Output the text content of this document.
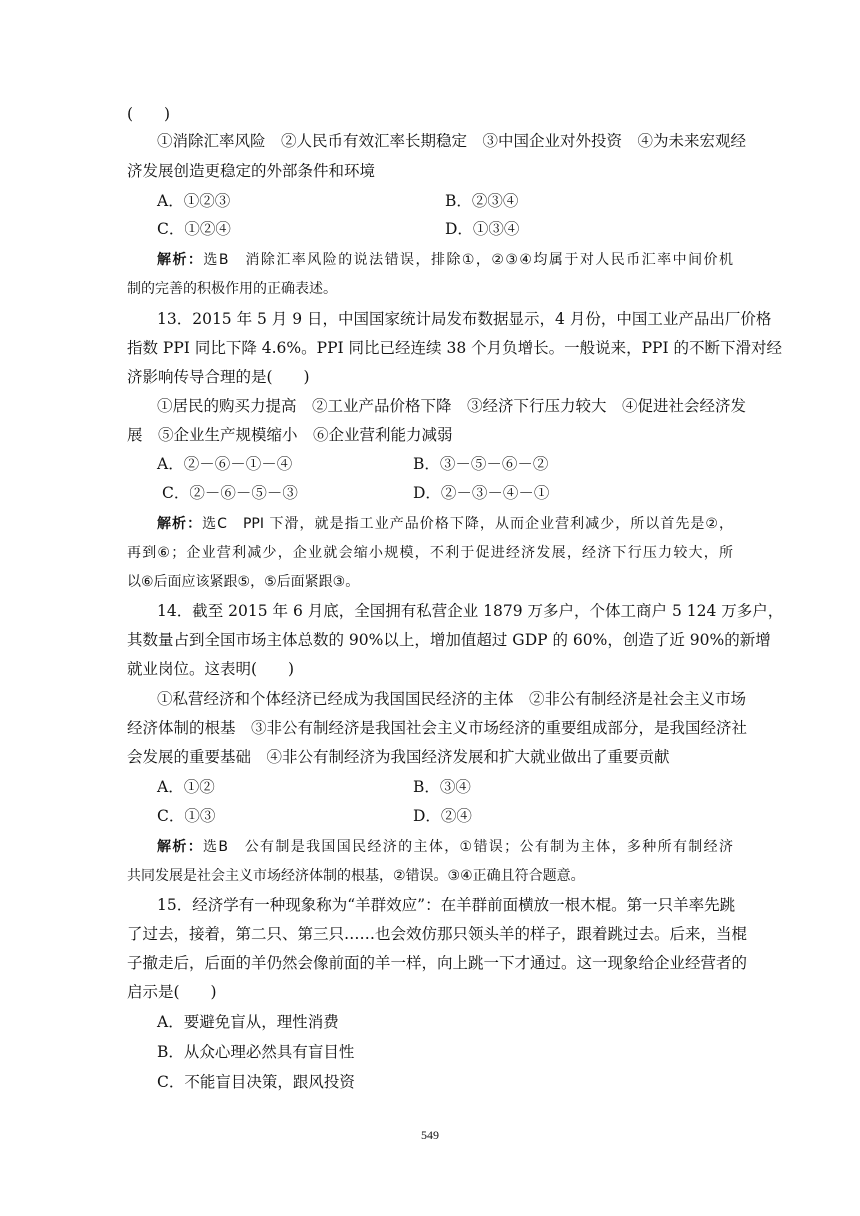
(　　)
①消除汇率风险　②人民币有效汇率长期稳定　③中国企业对外投资　④为未来宏观经
济发展创造更稳定的外部条件和环境
A．①②③	B．②③④
C．①②④	D．①③④
解析：选B　消除汇率风险的说法错误，排除①，②③④均属于对人民币汇率中间价机
制的完善的积极作用的正确表述。
13．2015 年 5 月 9 日，中国国家统计局发布数据显示，4 月份，中国工业产品出厂价格
指数 PPI 同比下降 4.6%。PPI 同比已经连续 38 个月负增长。一般说来，PPI 的不断下滑对经
济影响传导合理的是(　　)
①居民的购买力提高　②工业产品价格下降　③经济下行压力较大　④促进社会经济发
展　⑤企业生产规模缩小　⑥企业营利能力减弱
A．②－⑥－①－④	B．③－⑤－⑥－②
C．②－⑥－⑤－③	D．②－③－④－①
解析：选C　PPI 下滑，就是指工业产品价格下降，从而企业营利减少，所以首先是②，
再到⑥；企业营利减少，企业就会缩小规模，不利于促进经济发展，经济下行压力较大，所
以⑥后面应该紧跟⑤，⑤后面紧跟③。
14．截至 2015 年 6 月底，全国拥有私营企业 1879 万多户，个体工商户 5 124 万多户，
其数量占到全国市场主体总数的 90%以上，增加值超过 GDP 的 60%，创造了近 90%的新增
就业岗位。这表明(　　)
①私营经济和个体经济已经成为我国国民经济的主体　②非公有制经济是社会主义市场
经济体制的根基　③非公有制经济是我国社会主义市场经济的重要组成部分，是我国经济社
会发展的重要基础　④非公有制经济为我国经济发展和扩大就业做出了重要贡献
A．①②	B．③④
C．①③	D．②④
解析：选B　公有制是我国国民经济的主体，①错误；公有制为主体，多种所有制经济
共同发展是社会主义市场经济体制的根基，②错误。③④正确且符合题意。
15．经济学有一种现象称为“羊群效应”：在羊群前面横放一根木棍。第一只羊率先跳
了过去，接着，第二只、第三只……也会效仿那只领头羊的样子，跟着跳过去。后来，当棍
子撤走后，后面的羊仍然会像前面的羊一样，向上跳一下才通过。这一现象给企业经营者的
启示是(　　)
A．要避免盲从，理性消费
B．从众心理必然具有盲目性
C．不能盲目决策，跟风投资
549
